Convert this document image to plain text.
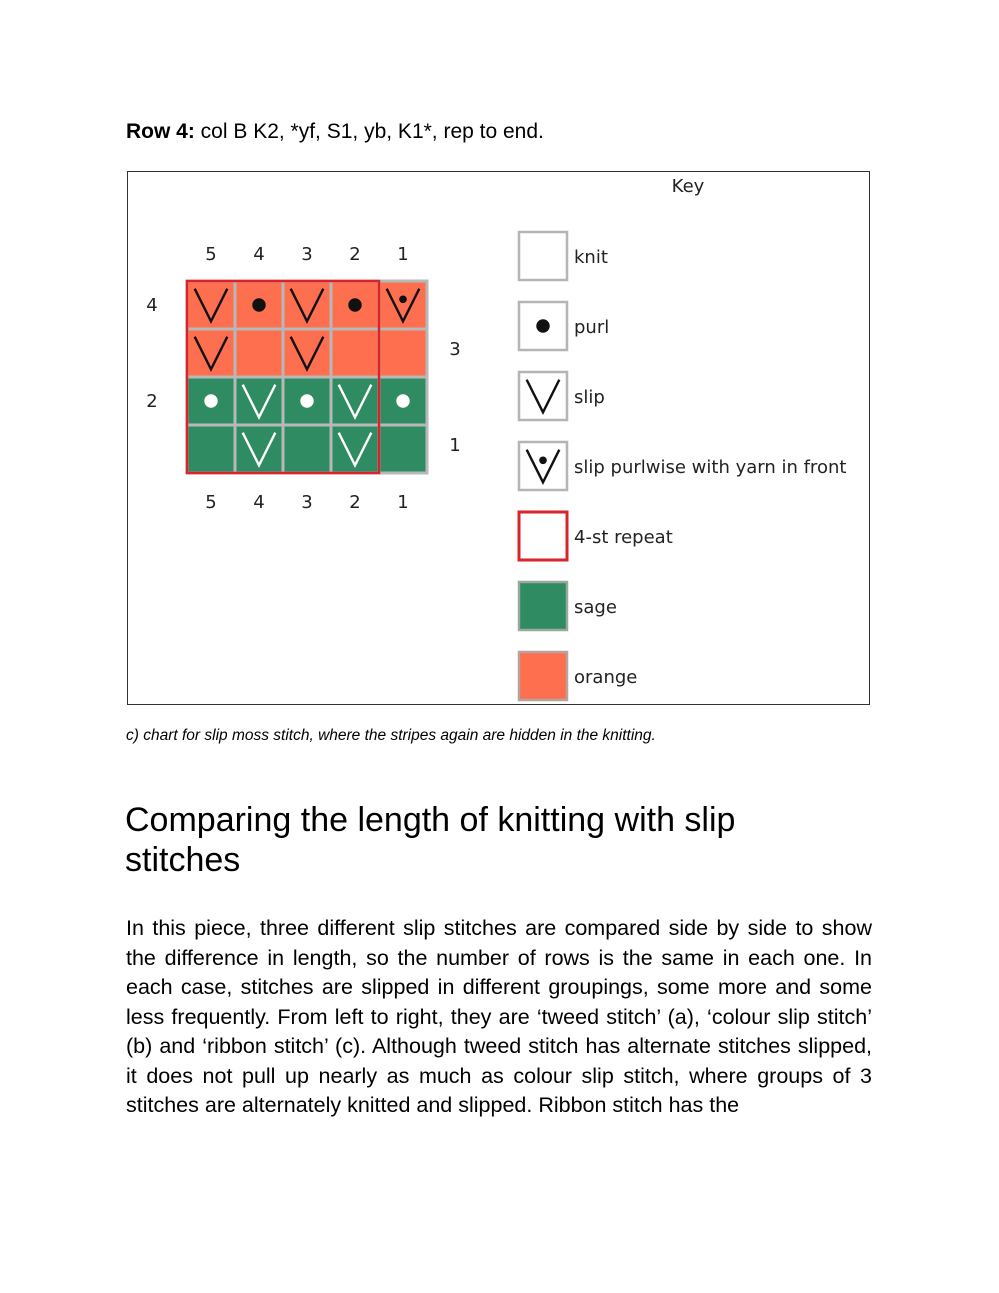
Row 4: col B K2, *yf, S1, yb, K1*, rep to end.
5
5
4
4
3
3
2
2
1
1
4
2
3
1
Key
knit
purl
slip
slip purlwise with yarn in front
4-st repeat
sage
orange
c) chart for slip moss stitch, where the stripes again are hidden in the knitting.
Comparing the length of knitting with slip stitches

In this piece, three different slip stitches are compared side by side to show the difference in length, so the number of rows is the same in each one. In each case, stitches are slipped in different groupings, some more and some less frequently. From left to right, they are ‘tweed stitch’ (a), ‘colour slip stitch’ (b) and ‘ribbon stitch’ (c). Although tweed stitch has alternate stitches slipped, it does not pull up nearly as much as colour slip stitch, where groups of 3 stitches are alternately knitted and slipped. Ribbon stitch has the
